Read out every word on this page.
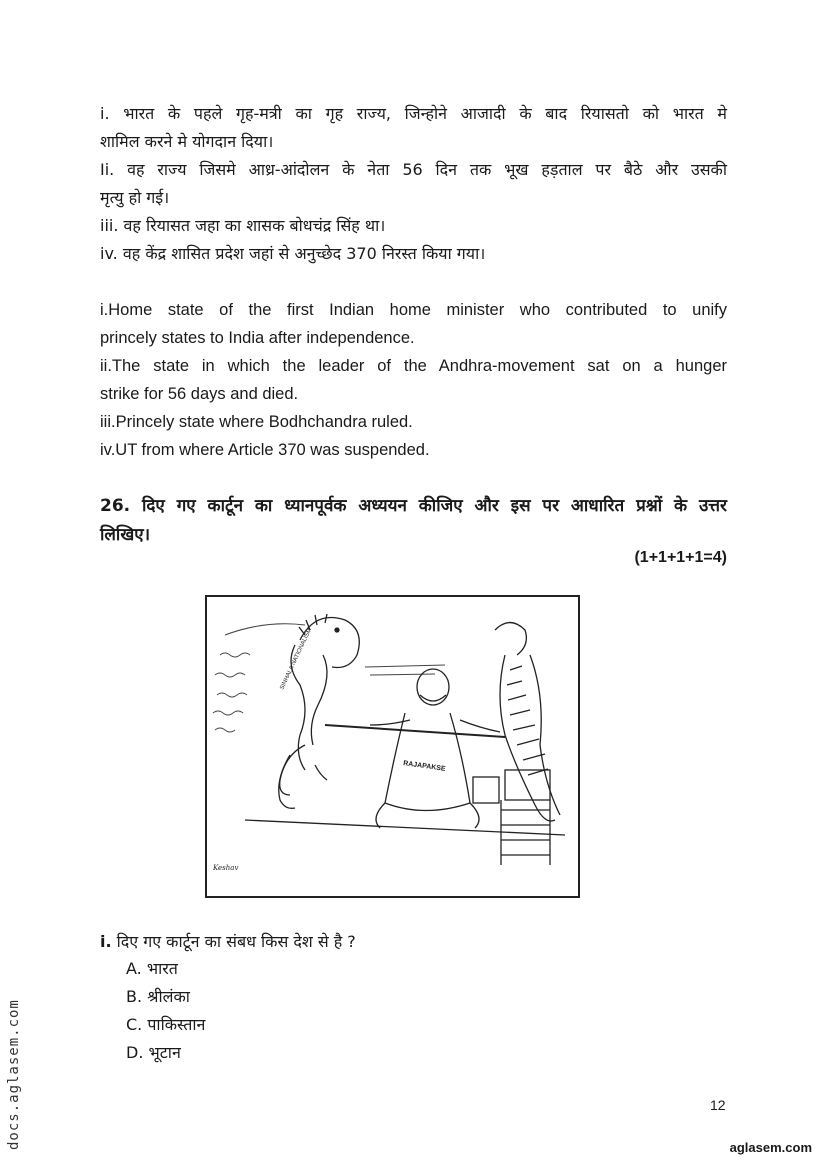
i. भारत के पहले गृह-मत्री का गृह राज्य, जिन्होने आजादी के बाद रियासतो को भारत मे
शामिल करने मे योगदान दिया।
Ii. वह राज्य जिसमे आध्र-आंदोलन के नेता 56 दिन तक भूख हड़ताल पर बैठे और उसकी
मृत्यु हो गई।
iii. वह रियासत जहा का शासक बोधचंद्र सिंह था।
iv. वह केंद्र शासित प्रदेश जहां से अनुच्छेद 370 निरस्त किया गया।
i.Home state of the first Indian home minister who contributed to unify
princely states to India after independence.
ii.The state in which the leader of the Andhra-movement sat on a hunger
strike for 56 days and died.
iii.Princely state where Bodhchandra ruled.
iv.UT from where Article 370 was suspended.
26. दिए गए कार्टून का ध्यानपूर्वक अध्ययन कीजिए और इस पर आधारित प्रश्नों के उत्तर
लिखिए।
(1+1+1+1=4)
SINHALA NATIONALISM
RAJAPAKSE
Keshav
i. दिए गए कार्टून का संबध किस देश से है ?
A. भारत
B. श्रीलंका
C. पाकिस्तान
D. भूटान
12
aglasem.com
docs.aglasem.com
